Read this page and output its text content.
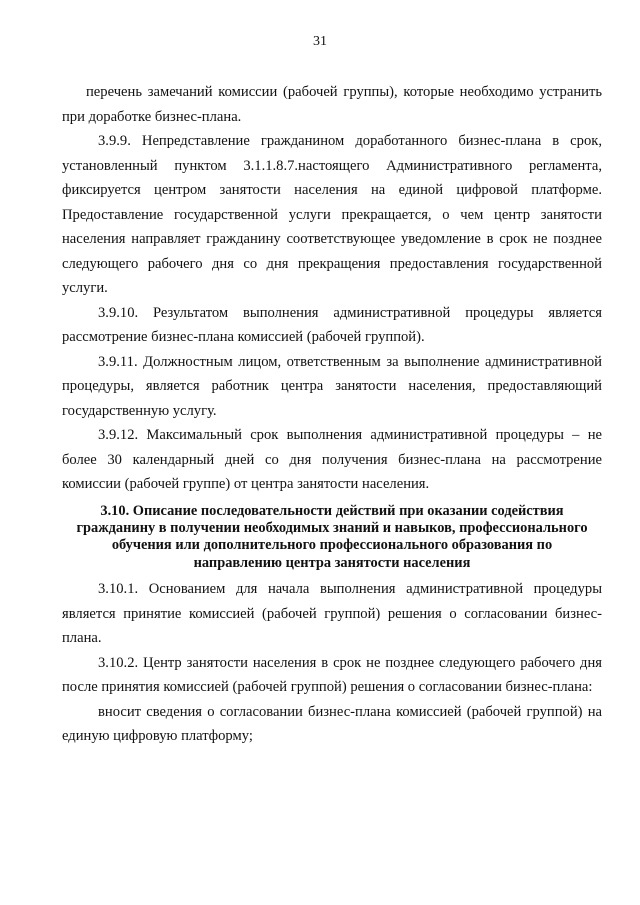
31

перечень замечаний комиссии (рабочей группы), которые необходимо устранить при доработке бизнес-плана.

3.9.9. Непредставление гражданином доработанного бизнес-плана в срок, установленный пунктом 3.1.1.8.7.настоящего Административного регламента, фиксируется центром занятости населения на единой цифровой платформе. Предоставление государственной услуги прекращается, о чем центр занятости населения направляет гражданину соответствующее уведомление в срок не позднее следующего рабочего дня со дня прекращения предоставления государственной услуги.

3.9.10. Результатом выполнения административной процедуры является рассмотрение бизнес-плана комиссией (рабочей группой).

3.9.11. Должностным лицом, ответственным за выполнение административной процедуры, является работник центра занятости населения, предоставляющий государственную услугу.

3.9.12. Максимальный срок выполнения административной процедуры – не более 30 календарный дней со дня получения бизнес-плана на рассмотрение комиссии (рабочей группе) от центра занятости населения.

3.10. Описание последовательности действий при оказании содействия гражданину в получении необходимых знаний и навыков, профессионального обучения или дополнительного профессионального образования по направлению центра занятости населения

3.10.1. Основанием для начала выполнения административной процедуры является принятие комиссией (рабочей группой) решения о согласовании бизнес-плана.

3.10.2. Центр занятости населения в срок не позднее следующего рабочего дня после принятия комиссией (рабочей группой) решения о согласовании бизнес-плана:

вносит сведения о согласовании бизнес-плана комиссией (рабочей группой) на единую цифровую платформу;
